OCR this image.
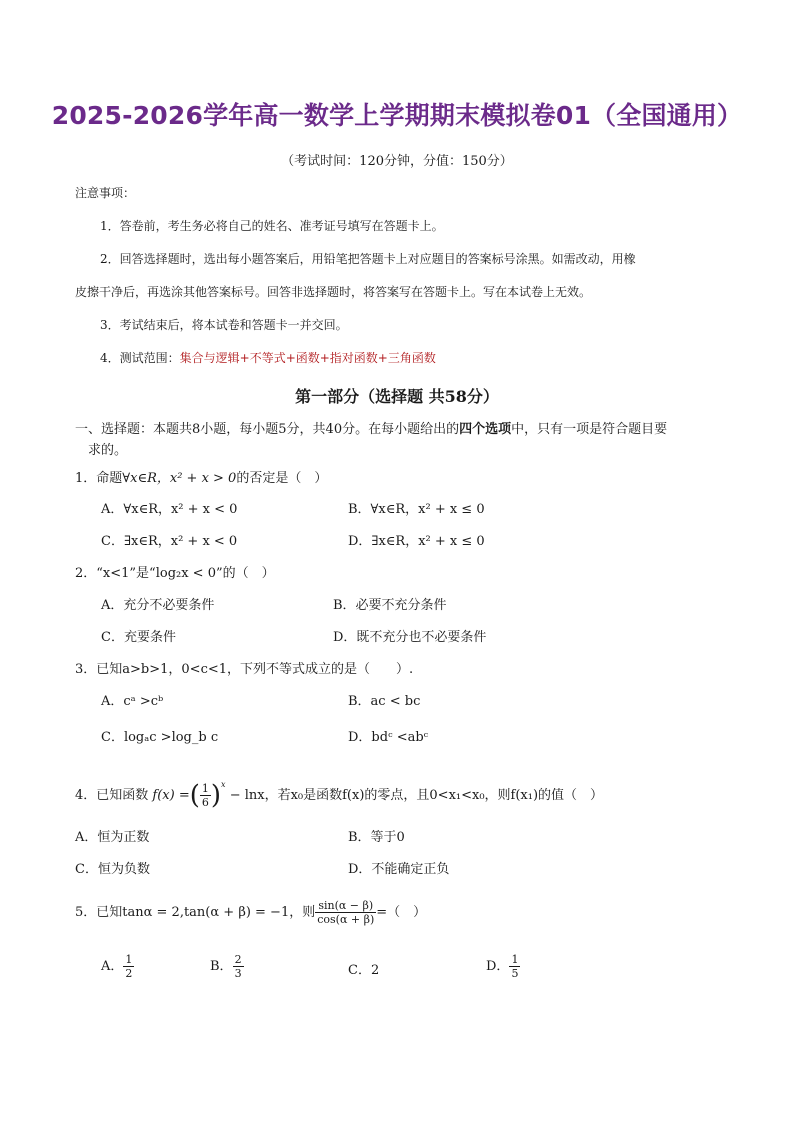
2025-2026学年高一数学上学期期末模拟卷01（全国通用）
（考试时间：120分钟，分值：150分）
注意事项：
1．答卷前，考生务必将自己的姓名、准考证号填写在答题卡上。
2．回答选择题时，选出每小题答案后，用铅笔把答题卡上对应题目的答案标号涂黑。如需改动，用橡
皮擦干净后，再选涂其他答案标号。回答非选择题时，将答案写在答题卡上。写在本试卷上无效。
3．考试结束后，将本试卷和答题卡一并交回。
4．测试范围：集合与逻辑+不等式+函数+指对函数+三角函数
第一部分（选择题 共58分）
一、选择题：本题共8小题，每小题5分，共40分。在每小题给出的四个选项中，只有一项是符合题目要
求的。
1．命题∀x∈R，x² + x > 0的否定是（　）
A．∀x∈R，x² + x < 0	B．∀x∈R，x² + x ≤ 0
C．∃x∈R，x² + x < 0	D．∃x∈R，x² + x ≤ 0
2．“x<1”是“log₂x < 0”的（　）
A．充分不必要条件	B．必要不充分条件
C．充要条件	D．既不充分也不必要条件
3．已知a>b>1，0<c<1，下列不等式成立的是（　　）.
A．cᵃ >cᵇ	B．ac < bc
C．logₐc >log_b c	D．bdᶜ <abᶜ
4．已知函数 f(x) =( $\frac{1}{6} )^x - \ln x$，若x₀是函数f(x)的零点，且0<x₁<x₀，则f(x₁)的值（　）
A．恒为正数	B．等于0
C．恒为负数	D．不能确定正负
5．已知tanα = 2,tan(α + β) = −1，则 $\frac{\sin(\alpha - \beta)}{\cos(\alpha + \beta)}$ =（　）
A． $\frac{1}{2}$	B． $\frac{2}{3}$	C．2	D． $\frac{1}{5}$
